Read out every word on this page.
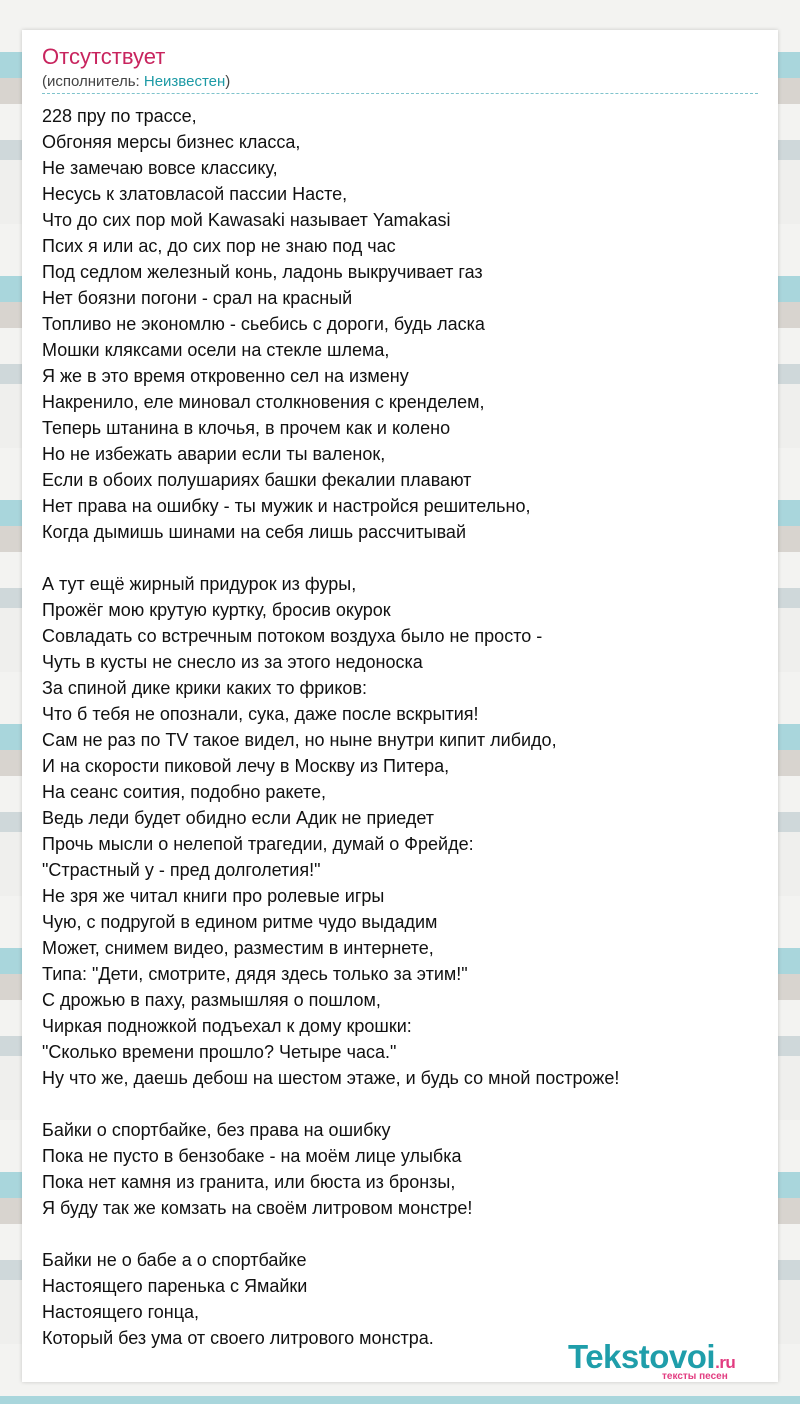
Отсутствует
(исполнитель: Неизвестен)
228 пру по трассе,
Обгоняя мерсы бизнес класса,
Не замечаю вовсе классику,
Несусь к златовласой пассии Насте,
Что до сих пор мой Kawasaki называет Yamakasi
Псих я или ас, до сих пор не знаю под час
Под седлом железный конь, ладонь выкручивает газ
Нет боязни погони - срал на красный
Топливо не экономлю - сьебись с дороги, будь ласка
Мошки кляксами осели на стекле шлема,
Я же в это время откровенно сел на измену
Накренило, еле миновал столкновения с кренделем,
Теперь штанина в клочья, в прочем как и колено
Но не избежать аварии если ты валенок,
Если в обоих полушариях башки фекалии плавают
Нет права на ошибку - ты мужик и настройся решительно,
Когда дымишь шинами на себя лишь рассчитывай
А тут ещё жирный придурок из фуры,
Прожёг мою крутую куртку, бросив окурок
Совладать со встречным потоком воздуха было не просто -
Чуть в кусты не снесло из за этого недоноска
За спиной дике крики каких то фриков:
Что б тебя не опознали, сука, даже после вскрытия!
Сам не раз по TV такое видел, но ныне внутри кипит либидо,
И на скорости пиковой лечу в Москву из Питера,
На сеанс соития, подобно ракете,
Ведь леди будет обидно если Адик не приедет
Прочь мысли о нелепой трагедии, думай о Фрейде:
"Страстный у - пред долголетия!"
Не зря же читал книги про ролевые игры
Чую, с подругой в едином ритме чудо выдадим
Может, снимем видео, разместим в интернете,
Типа: "Дети, смотрите, дядя здесь только за этим!"
С дрожью в паху, размышляя о пошлом,
Чиркая подножкой подъехал к дому крошки:
"Сколько времени прошло? Четыре часа."
Ну что же, даешь дебош на шестом этаже, и будь со мной построже!
Байки о спортбайке, без права на ошибку
Пока не пусто в бензобаке - на моём лице улыбка
Пока нет камня из гранита, или бюста из бронзы,
Я буду так же комзать на своём литровом монстре!
Байки не о бабе а о спортбайке
Настоящего паренька с Ямайки
Настоящего гонца,
Который без ума от своего литрового монстра.	Tekstovoi.ru
тексты песен
